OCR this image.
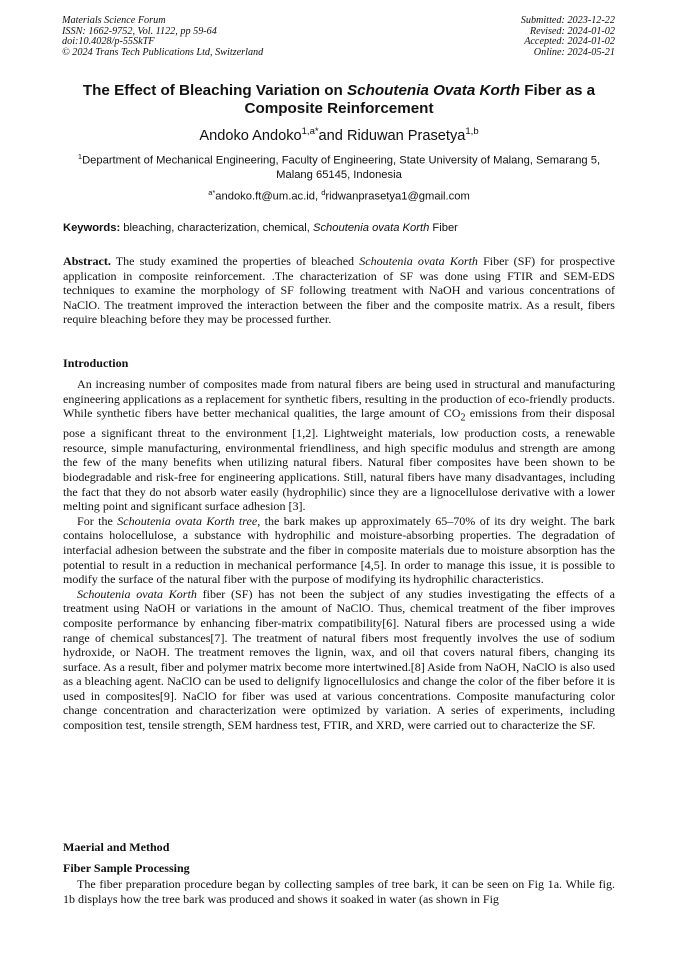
Materials Science Forum
ISSN: 1662-9752, Vol. 1122, pp 59-64
doi:10.4028/p-55SkTF
© 2024 Trans Tech Publications Ltd, Switzerland
Submitted: 2023-12-22
Revised: 2024-01-02
Accepted: 2024-01-02
Online: 2024-05-21
The Effect of Bleaching Variation on Schoutenia Ovata Korth Fiber as a Composite Reinforcement
Andoko Andoko$^{1,a*}$and Riduwan Prasetya$^{1,b}$
$^1$Department of Mechanical Engineering, Faculty of Engineering, State University of Malang, Semarang 5, Malang 65145, Indonesia
$^{a*}$andoko.ft@um.ac.id, $^d$ridwanprasetya1@gmail.com
Keywords: bleaching, characterization, chemical, Schoutenia ovata Korth Fiber
Abstract. The study examined the properties of bleached Schoutenia ovata Korth Fiber (SF) for prospective application in composite reinforcement. .The characterization of SF was done using FTIR and SEM-EDS techniques to examine the morphology of SF following treatment with NaOH and various concentrations of NaClO. The treatment improved the interaction between the fiber and the composite matrix. As a result, fibers require bleaching before they may be processed further.
Introduction

An increasing number of composites made from natural fibers are being used in structural and manufacturing engineering applications as a replacement for synthetic fibers, resulting in the production of eco-friendly products. While synthetic fibers have better mechanical qualities, the large amount of $CO_2$ emissions from their disposal pose a significant threat to the environment [1,2]. Lightweight materials, low production costs, a renewable resource, simple manufacturing, environmental friendliness, and high specific modulus and strength are among the few of the many benefits when utilizing natural fibers. Natural fiber composites have been shown to be biodegradable and risk-free for engineering applications. Still, natural fibers have many disadvantages, including the fact that they do not absorb water easily (hydrophilic) since they are a lignocellulose derivative with a lower melting point and significant surface adhesion [3].

For the Schoutenia ovata Korth tree, the bark makes up approximately 65–70% of its dry weight. The bark contains holocellulose, a substance with hydrophilic and moisture-absorbing properties. The degradation of interfacial adhesion between the substrate and the fiber in composite materials due to moisture absorption has the potential to result in a reduction in mechanical performance [4,5]. In order to manage this issue, it is possible to modify the surface of the natural fiber with the purpose of modifying its hydrophilic characteristics.

Schoutenia ovata Korth fiber (SF) has not been the subject of any studies investigating the effects of a treatment using NaOH or variations in the amount of NaClO. Thus, chemical treatment of the fiber improves composite performance by enhancing fiber-matrix compatibility[6]. Natural fibers are processed using a wide range of chemical substances[7]. The treatment of natural fibers most frequently involves the use of sodium hydroxide, or NaOH. The treatment removes the lignin, wax, and oil that covers natural fibers, changing its surface. As a result, fiber and polymer matrix become more intertwined.[8] Aside from NaOH, NaClO is also used as a bleaching agent. NaClO can be used to delignify lignocellulosics and change the color of the fiber before it is used in composites[9]. NaClO for fiber was used at various concentrations. Composite manufacturing color change concentration and characterization were optimized by variation. A series of experiments, including composition test, tensile strength, SEM hardness test, FTIR, and XRD, were carried out to characterize the SF.

Maerial and Method
Fiber Sample Processing

The fiber preparation procedure began by collecting samples of tree bark, it can be seen on Fig 1a. While fig. 1b displays how the tree bark was produced and shows it soaked in water (as shown in Fig
